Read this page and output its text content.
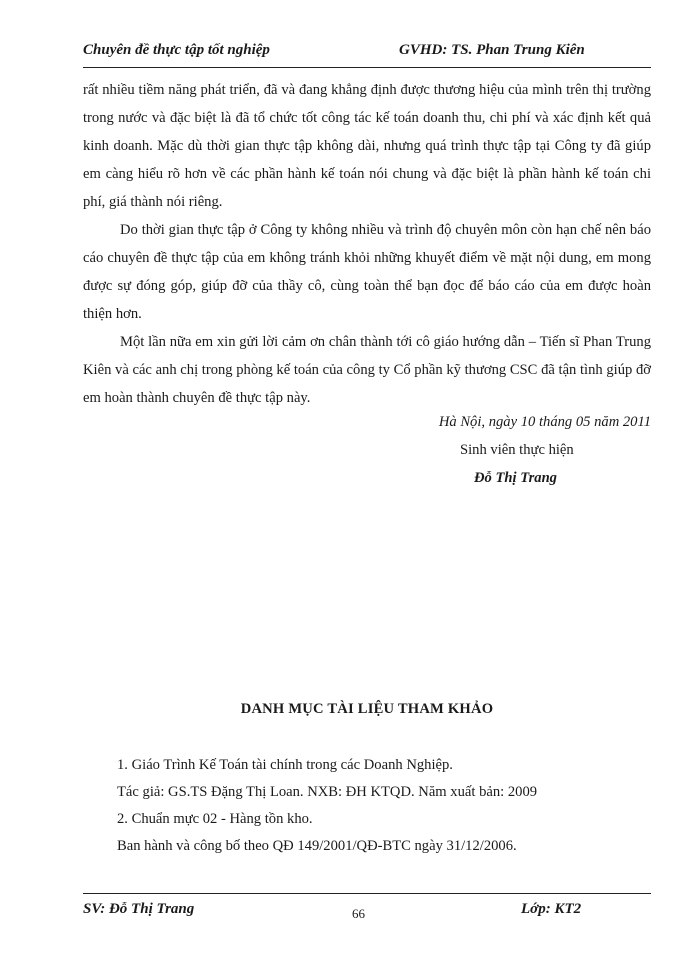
Chuyên đề thực tập tốt nghiệp	GVHD: TS. Phan Trung Kiên

rất nhiều tiềm năng phát triển, đã và đang khẳng định được thương hiệu của mình trên thị trường trong nước và đặc biệt là đã tổ chức tốt công tác kế toán doanh thu, chi phí và xác định kết quả kinh doanh. Mặc dù thời gian thực tập không dài, nhưng quá trình thực tập tại Công ty đã giúp em càng hiểu rõ hơn về các phần hành kế toán nói chung và đặc biệt là phần hành kế toán chi phí, giá thành nói riêng.

Do thời gian thực tập ở Công ty không nhiều và trình độ chuyên môn còn hạn chế nên báo cáo chuyên đề thực tập của em không tránh khỏi những khuyết điểm về mặt nội dung, em mong được sự đóng góp, giúp đỡ của thầy cô, cùng toàn thể bạn đọc để báo cáo của em được hoàn thiện hơn.

Một lần nữa em xin gửi lời cảm ơn chân thành tới cô giáo hướng dẫn – Tiến sĩ Phan Trung Kiên và các anh chị trong phòng kế toán của công ty Cổ phần kỹ thương CSC đã tận tình giúp đỡ em hoàn thành chuyên đề thực tập này.

Hà Nội, ngày 10 tháng 05 năm 2011
Sinh viên thực hiện
Đỗ Thị Trang
DANH MỤC TÀI LIỆU THAM KHẢO
1. Giáo Trình Kế Toán tài chính trong các Doanh Nghiệp.
Tác giả: GS.TS Đặng Thị Loan. NXB: ĐH KTQD. Năm xuất bản: 2009
2. Chuẩn mực 02 - Hàng tồn kho.
Ban hành và công bố theo QĐ 149/2001/QĐ-BTC ngày 31/12/2006.
SV: Đỗ Thị Trang	66	Lớp: KT2
